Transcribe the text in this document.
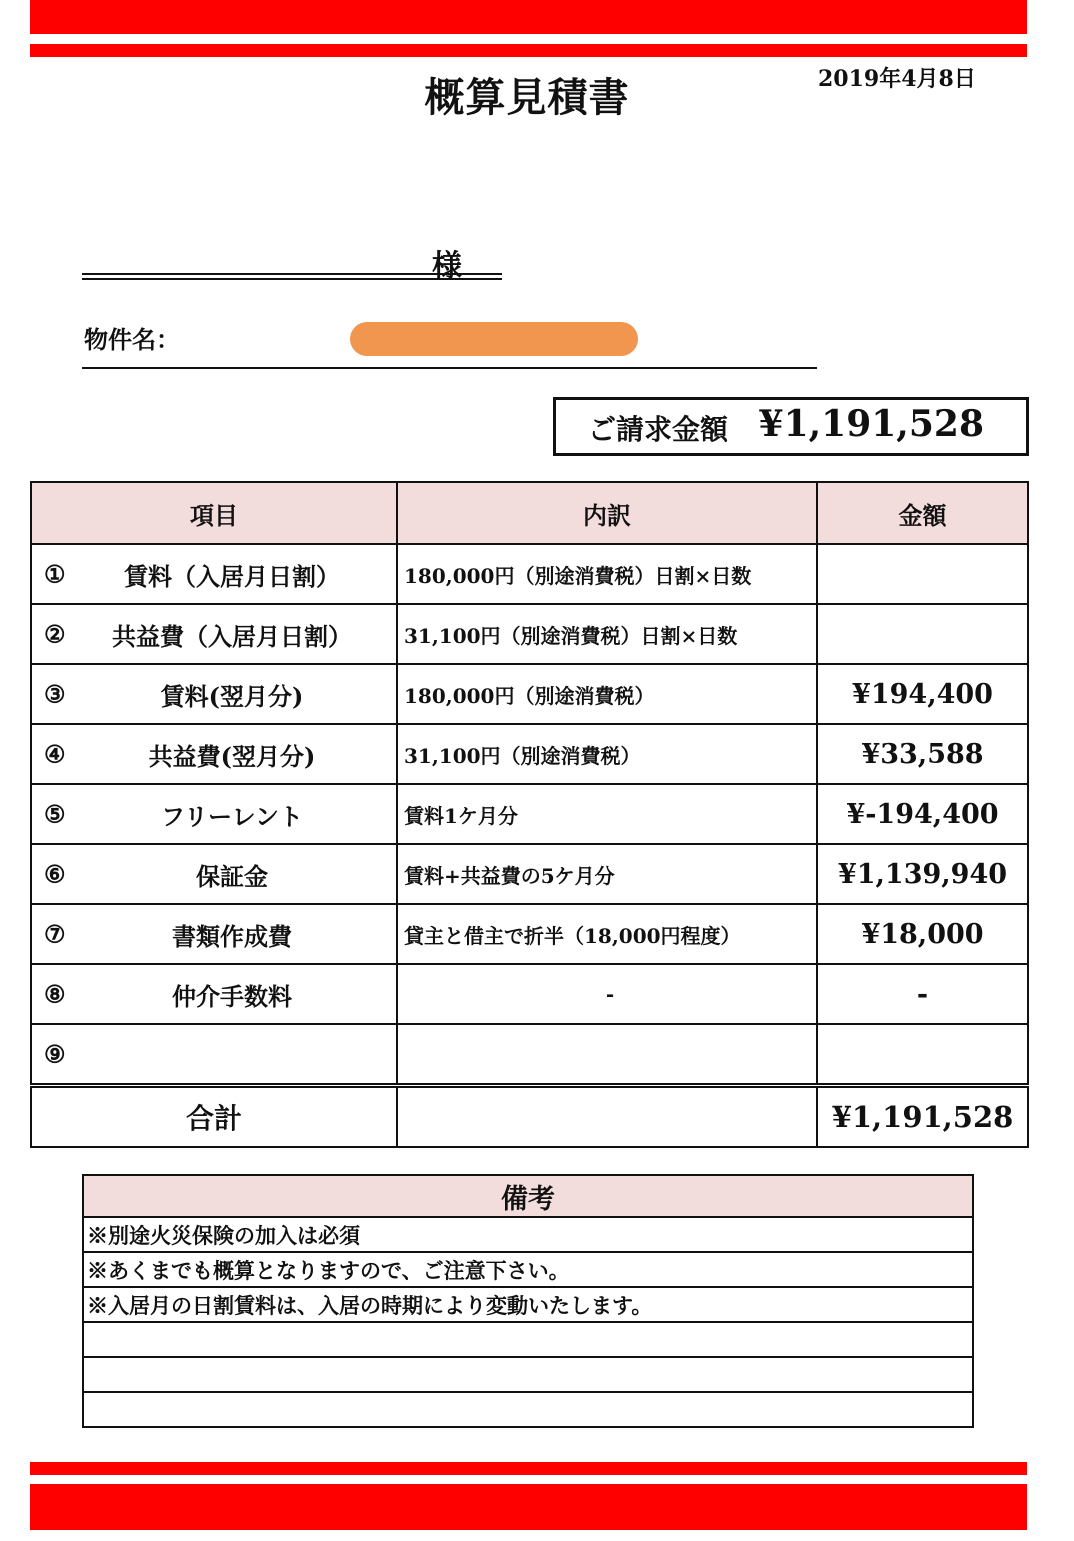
概算見積書	2019年4月8日
様
物件名：
ご請求金額 ¥1,191,528
項目	内訳	金額

① 賃料（入居月日割）	180,000円（別途消費税）日割×日数	

② 共益費（入居月日割）	31,100円（別途消費税）日割×日数	

③ 賃料(翌月分)	180,000円（別途消費税）	¥194,400

④ 共益費(翌月分)	31,100円（別途消費税）	¥33,588

⑤ フリーレント	賃料1ケ月分	¥-194,400

⑥ 保証金	賃料+共益費の5ケ月分	¥1,139,940

⑦ 書類作成費	貸主と借主で折半（18,000円程度）	¥18,000

⑧ 仲介手数料	-	-

⑨		

合計		¥1,191,528
備考
※別途火災保険の加入は必須
※あくまでも概算となりますので、ご注意下さい。
※入居月の日割賃料は、入居の時期により変動いたします。
